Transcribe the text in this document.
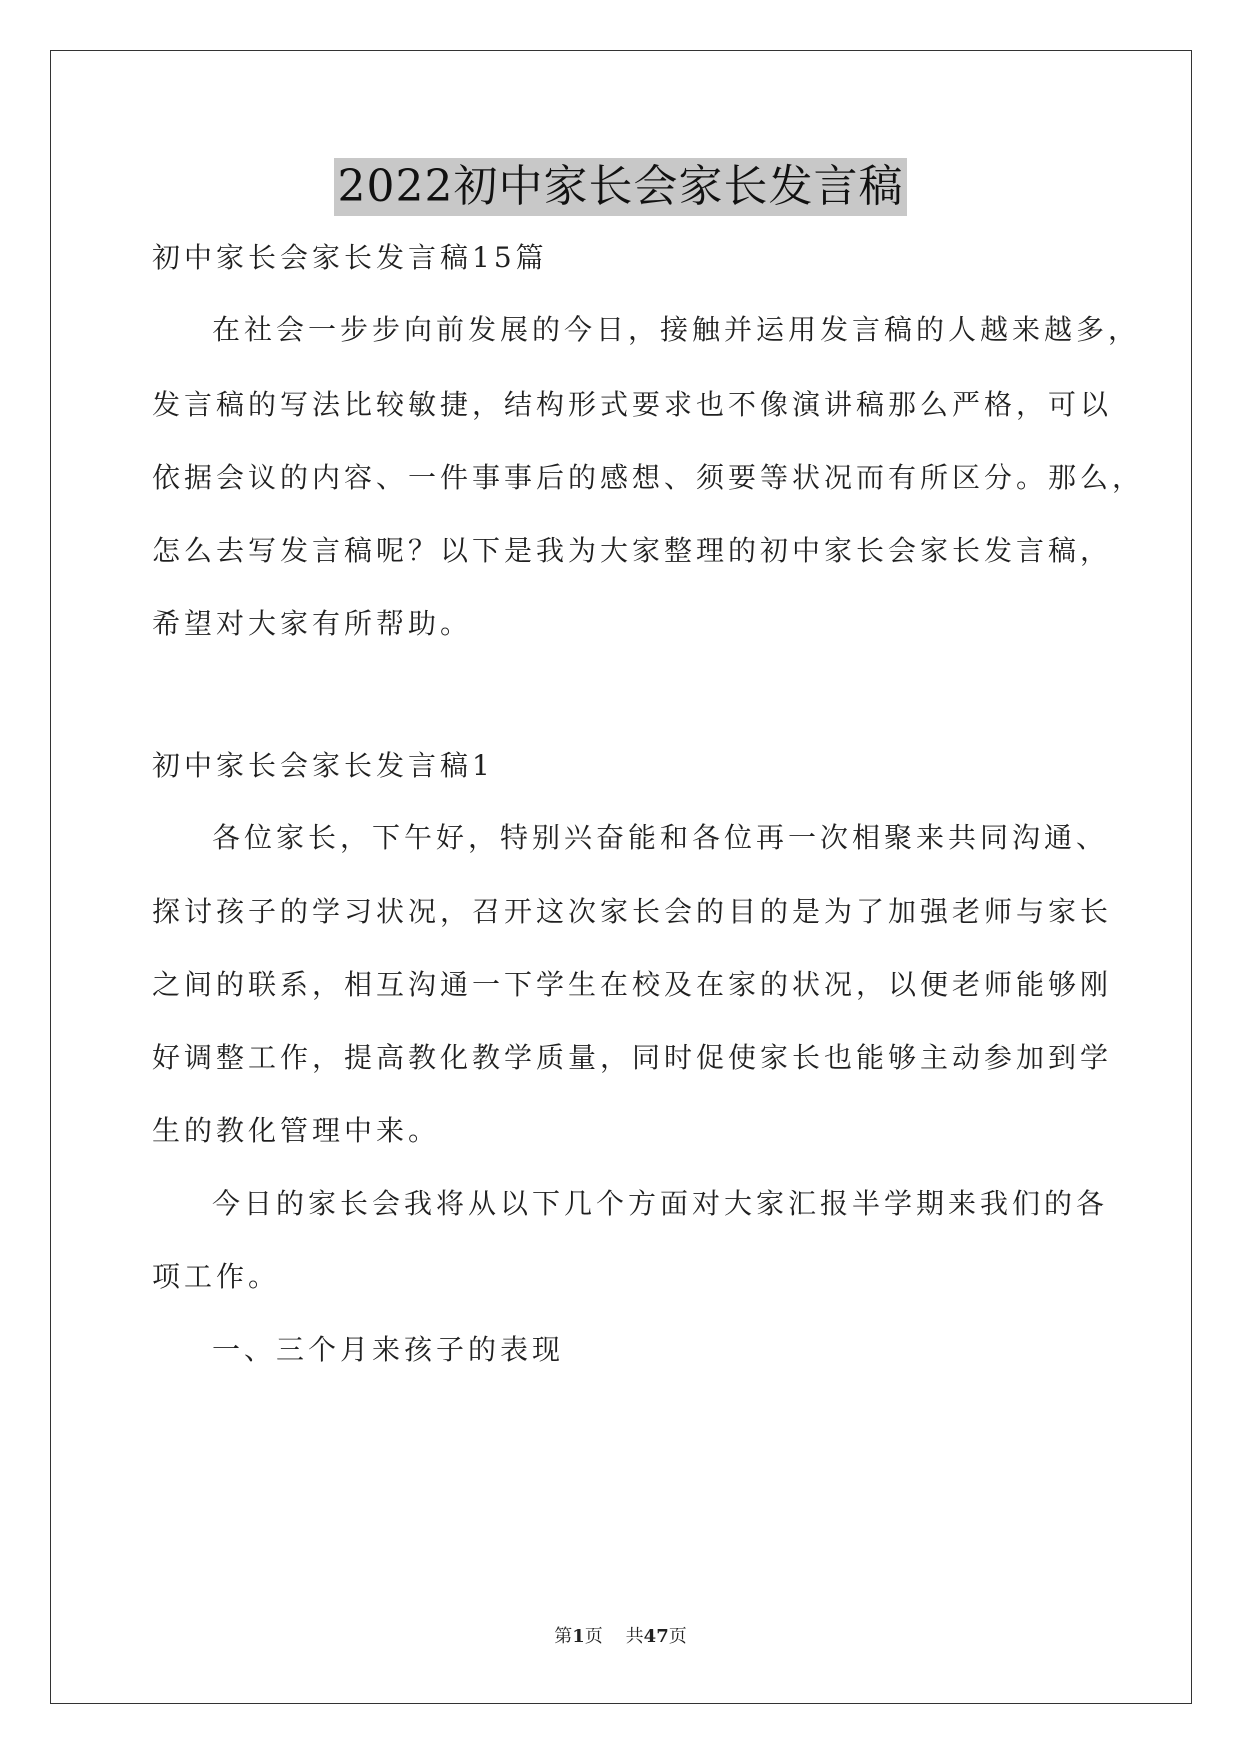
2022初中家长会家长发言稿
初中家长会家长发言稿15篇
在社会一步步向前发展的今日，接触并运用发言稿的人越来越多，
发言稿的写法比较敏捷，结构形式要求也不像演讲稿那么严格，可以
依据会议的内容、一件事事后的感想、须要等状况而有所区分。那么，
怎么去写发言稿呢？以下是我为大家整理的初中家长会家长发言稿，
希望对大家有所帮助。
初中家长会家长发言稿1
各位家长，下午好，特别兴奋能和各位再一次相聚来共同沟通、
探讨孩子的学习状况，召开这次家长会的目的是为了加强老师与家长
之间的联系，相互沟通一下学生在校及在家的状况，以便老师能够刚
好调整工作，提高教化教学质量，同时促使家长也能够主动参加到学
生的教化管理中来。
今日的家长会我将从以下几个方面对大家汇报半学期来我们的各
项工作。
一、三个月来孩子的表现
第1页 共47页
